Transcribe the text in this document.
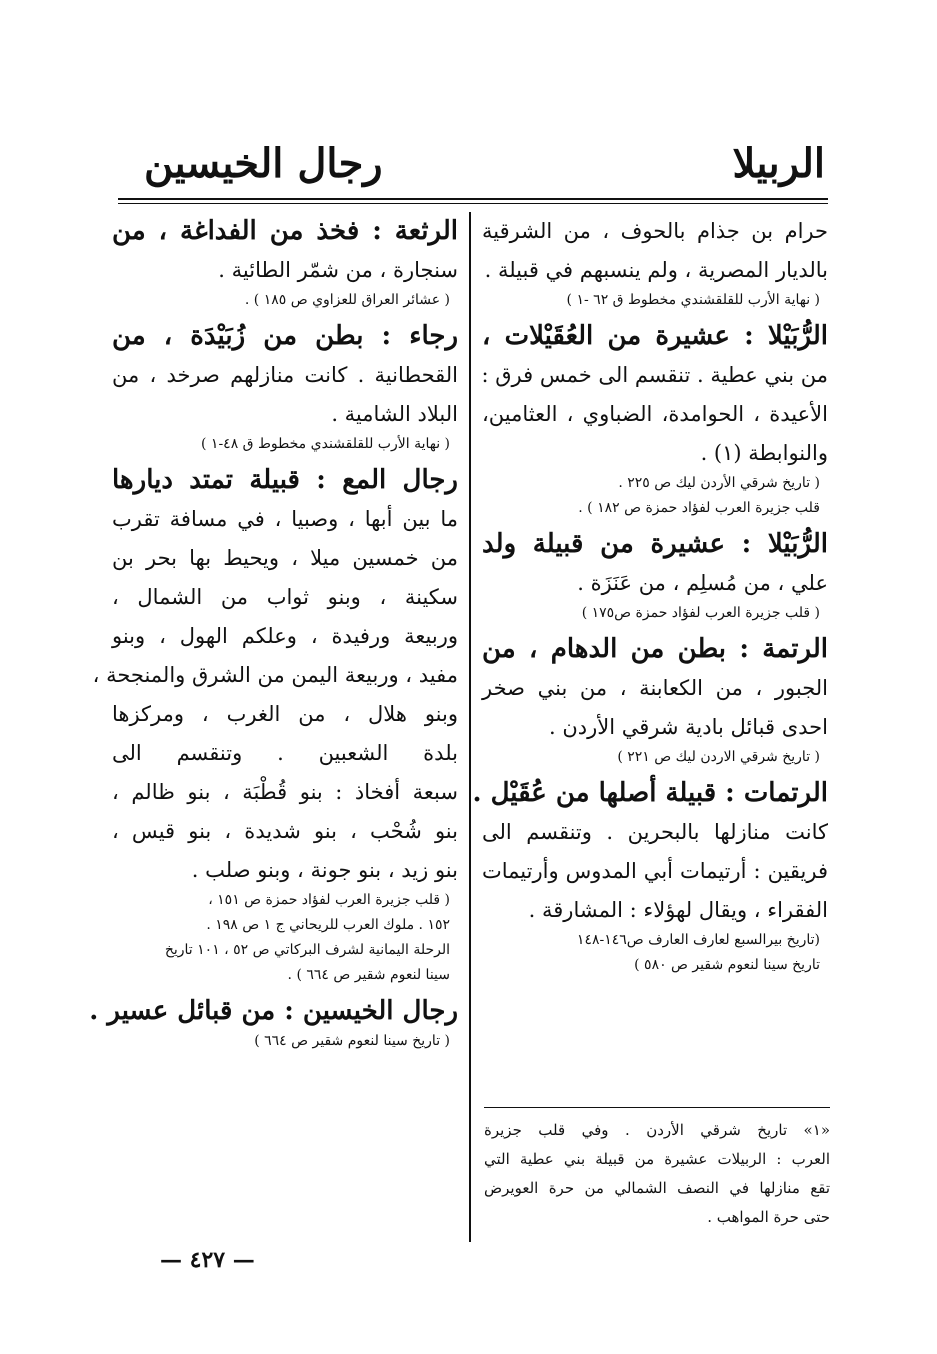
الربيلا
رجال الخيسين
حرام بن جذام بالحوف ، من الشرقية
بالديار المصرية ، ولم ينسبهم في قبيلة .
( نهاية الأرب للقلقشندي مخطوط ق ٦٢ -١ )
الرُّبَيْلا : عشيرة من العُقَيْلات ،
من بني عطية . تنقسم الى خمس فرق :
الأعيدة ، الحوامدة، الضباوي ، العثامين،
والنوابطة (١) .
( تاريخ شرقي الأردن ليك ص ٢٢٥ .
قلب جزيرة العرب لفؤاد حمزة ص ١٨٢ ) .
الرُّبَيْلا : عشيرة من قبيلة ولد
علي ، من مُسلِم ، من عَنَزَة .
( قلب جزيرة العرب لفؤاد حمزة ص١٧٥ )
الرتمة : بطن من الدهام ، من
الجبور ، من الكعابنة ، من بني صخر
احدى قبائل بادية شرقي الأردن .
( تاريخ شرقي الاردن ليك ص ٢٢١ )
الرتمات : قبيلة أصلها من عُقَيْل .
كانت منازلها بالبحرين . وتنقسم الى
فريقين : أرتيمات أبي المدوس وأرتيمات
الفقراء ، ويقال لهؤلاء : المشارقة .
(تاريخ بيرالسبع لعارف العارف ص١٤٦-١٤٨
تاريخ سينا لنعوم شقير ص ٥٨٠ )
«١» تاريخ شرقي الأردن . وفي قلب جزيرة
العرب : الربيلات عشيرة من قبيلة بني عطية التي
تقع منازلها في النصف الشمالي من حرة العويرض
حتى حرة المواهب .
الرثعة : فخذ من الفداغة ، من
سنجارة ، من شمّر الطائية .
( عشائر العراق للعزاوي ص ١٨٥ ) .
رجاء : بطن من زُبَيْدَة ، من
القحطانية . كانت منازلهم صرخد ، من
البلاد الشامية .
( نهاية الأرب للقلقشندي مخطوط ق ٤٨-١ )
رجال المع : قبيلة تمتد ديارها
ما بين أبها ، وصبيا ، في مسافة تقرب
من خمسين ميلا ، ويحيط بها بحر بن
سكينة ، وبنو ثواب من الشمال ،
وربيعة ورفيدة ، وعلكم الهول ، وبنو
مفيد ، وربيعة اليمن من الشرق والمنجحة ،
وبنو هلال ، من الغرب ، ومركزها
بلدة الشعبين . وتنقسم الى
سبعة أفخاذ : بنو قُطْبَة ، بنو ظالم ،
بنو شُحْب ، بنو شديدة ، بنو قيس ،
بنو زيد ، بنو جونة ، وبنو صلب .
( قلب جزيرة العرب لفؤاد حمزة ص ١٥١ ،
١٥٢ . ملوك العرب للريحاني ج ١ ص ١٩٨ .
الرحلة اليمانية لشرف البركاتي ص ٥٢ ، ١٠١ تاريخ
سينا لنعوم شقير ص ٦٦٤ ) .
رجال الخيسين : من قبائل عسير .
( تاريخ سينا لنعوم شقير ص ٦٦٤ )
— ٤٢٧ —
